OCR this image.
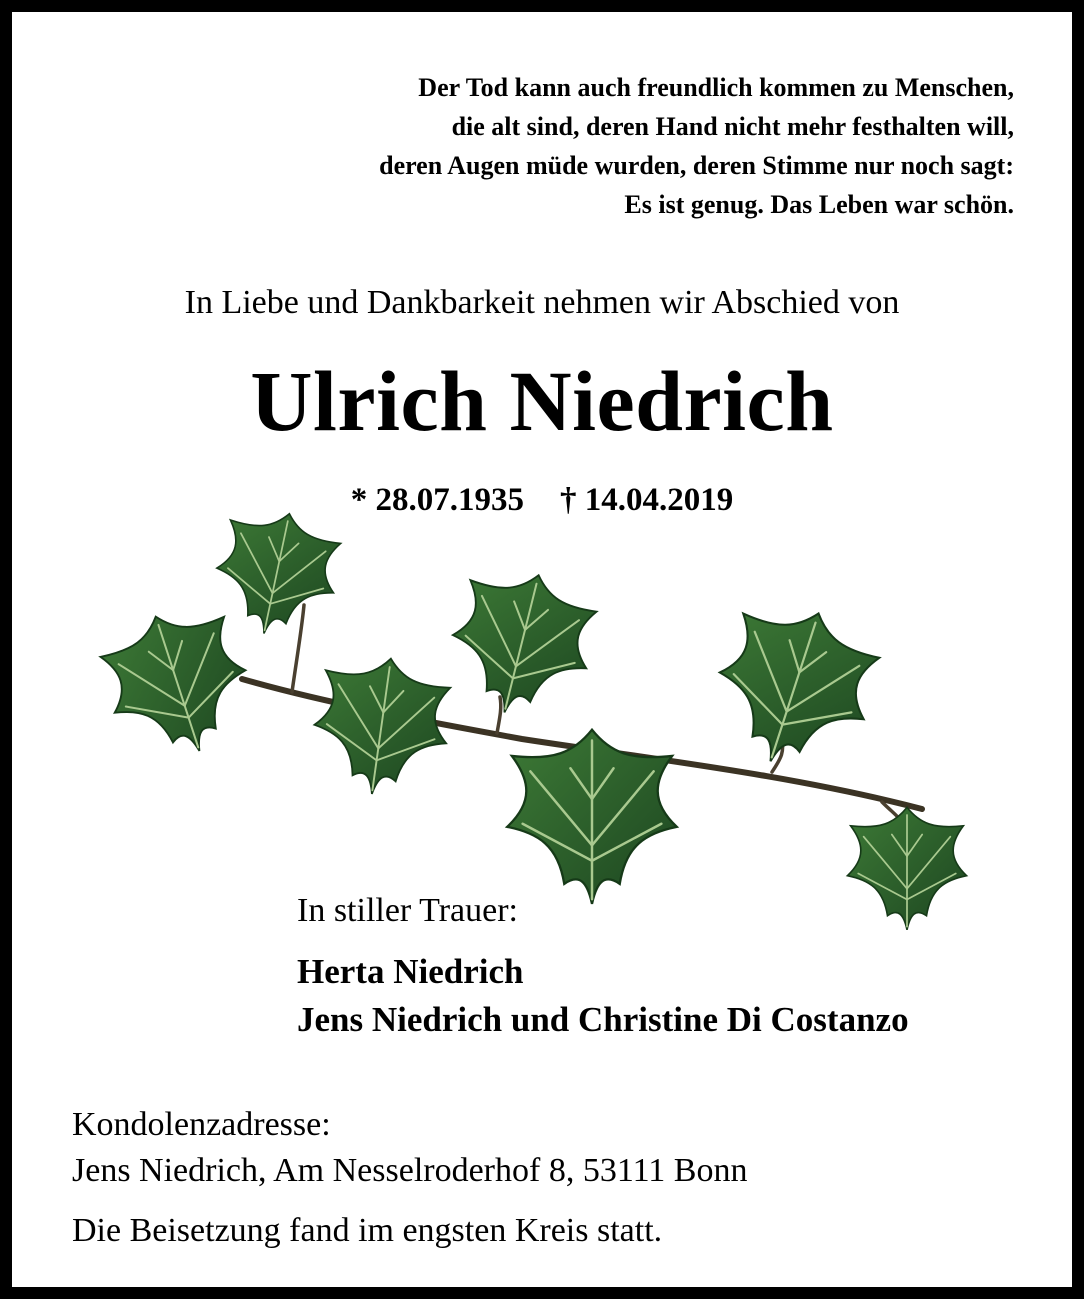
Der Tod kann auch freundlich kommen zu Menschen,
die alt sind, deren Hand nicht mehr festhalten will,
deren Augen müde wurden, deren Stimme nur noch sagt:
Es ist genug. Das Leben war schön.
In Liebe und Dankbarkeit nehmen wir Abschied von
Ulrich Niedrich
* 28.07.1935 † 14.04.2019
In stiller Trauer:
Herta Niedrich
Jens Niedrich und Christine Di Costanzo
Kondolenzadresse:
Jens Niedrich, Am Nesselroderhof 8, 53111 Bonn
Die Beisetzung fand im engsten Kreis statt.
